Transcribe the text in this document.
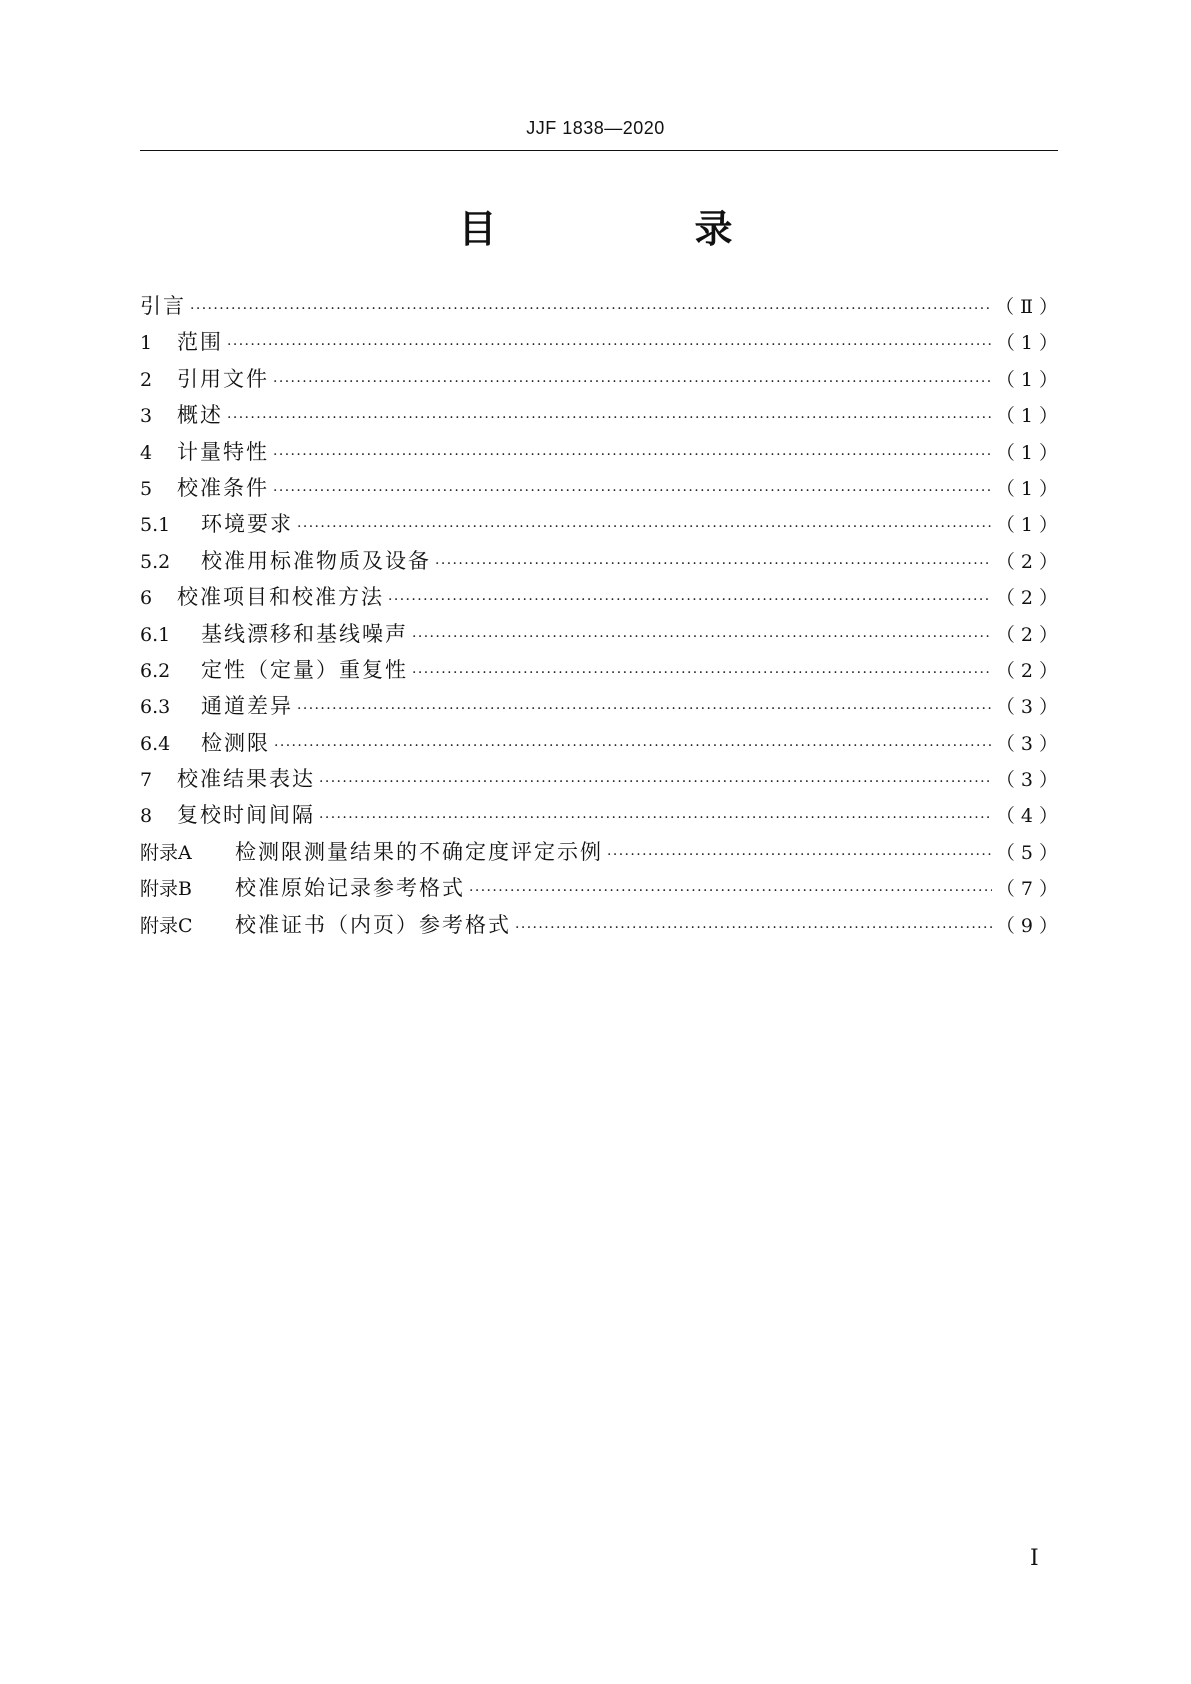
JJF 1838—2020
目　录
引言 ·····	（Ⅱ）
1	范围 ·····	（1）
2	引用文件 ·····	（1）
3	概述 ·····	（1）
4	计量特性 ·····	（1）
5	校准条件 ·····	（1）
5.1	环境要求 ·····	（1）
5.2	校准用标准物质及设备 ·····	（2）
6	校准项目和校准方法 ·····	（2）
6.1	基线漂移和基线噪声 ·····	（2）
6.2	定性（定量）重复性 ·····	（2）
6.3	通道差异 ·····	（3）
6.4	检测限 ·····	（3）
7	校准结果表达 ·····	（3）
8	复校时间间隔 ·····	（4）
附录A	检测限测量结果的不确定度评定示例 ·····	（5）
附录B	校准原始记录参考格式 ·····	（7）
附录C	校准证书（内页）参考格式 ·····	（9）
I
